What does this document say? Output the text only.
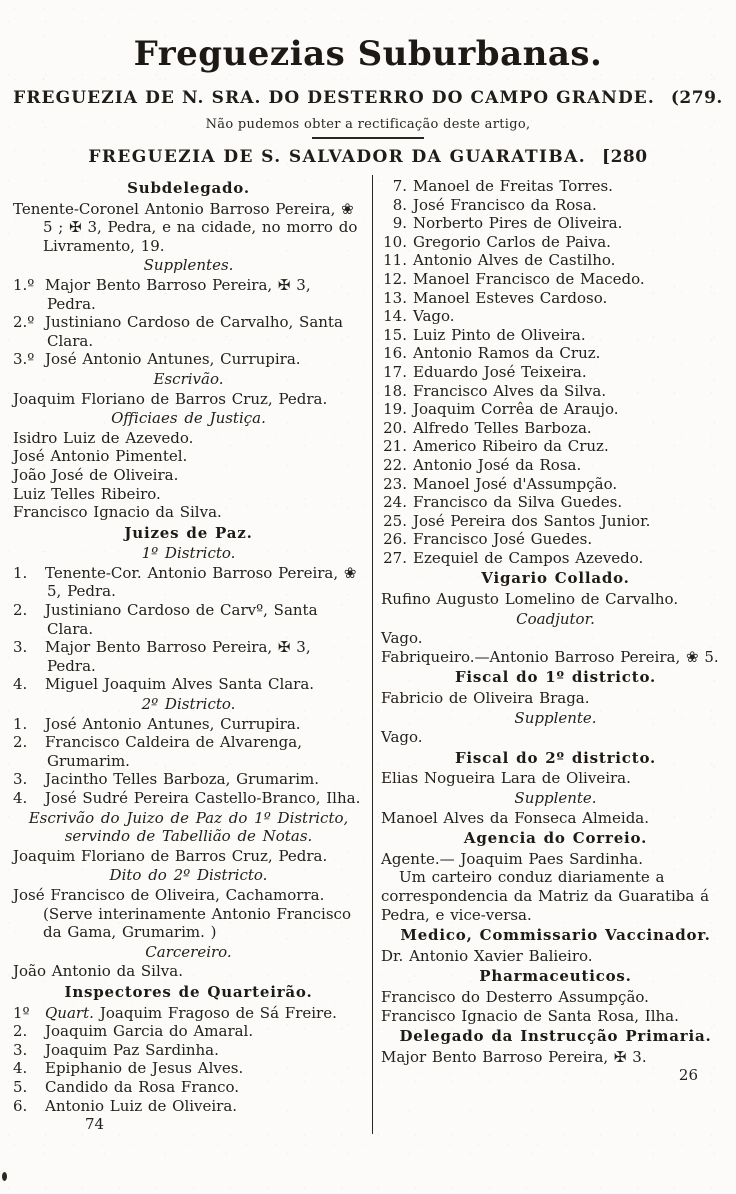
Freguezias Suburbanas.
FREGUEZIA DE N. SRA. DO DESTERRO DO CAMPO GRANDE. (279.
Não pudemos obter a rectificação deste artigo,
FREGUEZIA DE S. SALVADOR DA GUARATIBA. [280
Subdelegado.
Tenente-Coronel Antonio Barroso Pereira, ❀ 5 ; ✠ 3, Pedra, e na cidade, no morro do Livramento, 19.
Supplentes.
1.º Major Bento Barroso Pereira, ✠ 3, Pedra.
2.º Justiniano Cardoso de Carvalho, Santa Clara.
3.º José Antonio Antunes, Currupira.
Escrivão.
Joaquim Floriano de Barros Cruz, Pedra.
Officiaes de Justiça.
Isidro Luiz de Azevedo.
José Antonio Pimentel.
João José de Oliveira.
Luiz Telles Ribeiro.
Francisco Ignacio da Silva.
Juizes de Paz.
1º Districto.
1. Tenente-Cor. Antonio Barroso Pereira, ❀ 5, Pedra.
2. Justiniano Cardoso de Carvº, Santa Clara.
3. Major Bento Barroso Pereira, ✠ 3, Pedra.
4. Miguel Joaquim Alves Santa Clara.
2º Districto.
1. José Antonio Antunes, Currupira.
2. Francisco Caldeira de Alvarenga, Grumarim.
3. Jacintho Telles Barboza, Grumarim.
4. José Sudré Pereira Castello-Branco, Ilha.
Escrivão do Juizo de Paz do 1º Districto, servindo de Tabellião de Notas.
Joaquim Floriano de Barros Cruz, Pedra.
Dito do 2º Districto.
José Francisco de Oliveira, Cachamorra. (Serve interinamente Antonio Francisco da Gama, Grumarim. )
Carcereiro.
João Antonio da Silva.
Inspectores de Quarteirão.
1º Quart. Joaquim Fragoso de Sá Freire.
2. Joaquim Garcia do Amaral.
3. Joaquim Paz Sardinha.
4. Epiphanio de Jesus Alves.
5. Candido da Rosa Franco.
6. Antonio Luiz de Oliveira.
74
7. Manoel de Freitas Torres.
8. José Francisco da Rosa.
9. Norberto Pires de Oliveira.
10. Gregorio Carlos de Paiva.
11. Antonio Alves de Castilho.
12. Manoel Francisco de Macedo.
13. Manoel Esteves Cardoso.
14. Vago.
15. Luiz Pinto de Oliveira.
16. Antonio Ramos da Cruz.
17. Eduardo José Teixeira.
18. Francisco Alves da Silva.
19. Joaquim Corrêa de Araujo.
20. Alfredo Telles Barboza.
21. Americo Ribeiro da Cruz.
22. Antonio José da Rosa.
23. Manoel José d'Assumpção.
24. Francisco da Silva Guedes.
25. José Pereira dos Santos Junior.
26. Francisco José Guedes.
27. Ezequiel de Campos Azevedo.
Vigario Collado.
Rufino Augusto Lomelino de Carvalho.
Coadjutor.
Vago.
Fabriqueiro.—Antonio Barroso Pereira, ❀ 5.
Fiscal do 1º districto.
Fabricio de Oliveira Braga.
Supplente.
Vago.
Fiscal do 2º districto.
Elias Nogueira Lara de Oliveira.
Supplente.
Manoel Alves da Fonseca Almeida.
Agencia do Correio.
Agente.— Joaquim Paes Sardinha.
Um carteiro conduz diariamente a correspondencia da Matriz da Guaratiba á Pedra, e vice-versa.
Medico, Commissario Vaccinador.
Dr. Antonio Xavier Balieiro.
Pharmaceuticos.
Francisco do Desterro Assumpção.
Francisco Ignacio de Santa Rosa, Ilha.
Delegado da Instrucção Primaria.
Major Bento Barroso Pereira, ✠ 3.
26
